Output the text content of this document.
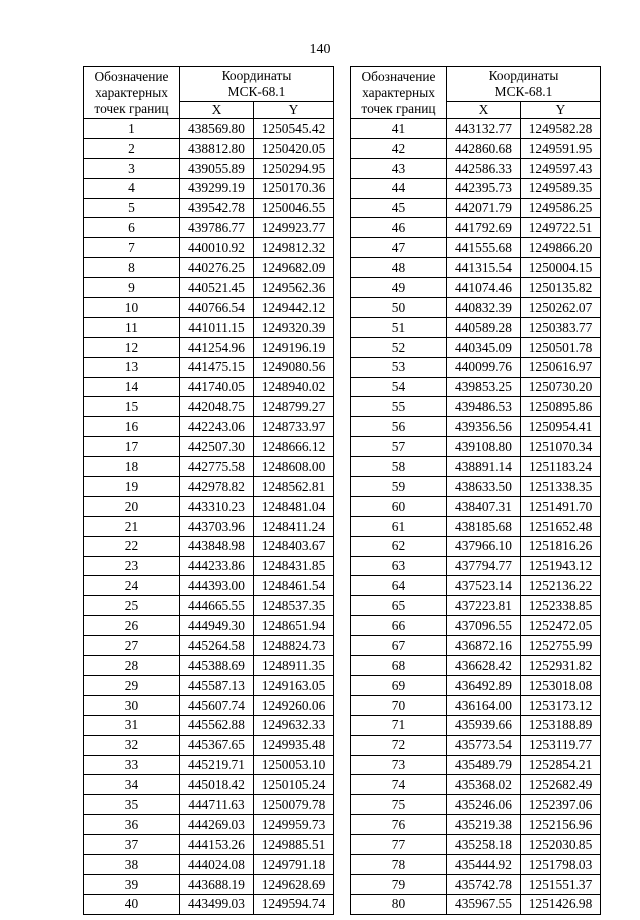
140
Обозначение
характерных
точек границ	Координаты
МСК-68.1	
	X	Y
1	438569.80	1250545.42
2	438812.80	1250420.05
3	439055.89	1250294.95
4	439299.19	1250170.36
5	439542.78	1250046.55
6	439786.77	1249923.77
7	440010.92	1249812.32
8	440276.25	1249682.09
9	440521.45	1249562.36
10	440766.54	1249442.12
11	441011.15	1249320.39
12	441254.96	1249196.19
13	441475.15	1249080.56
14	441740.05	1248940.02
15	442048.75	1248799.27
16	442243.06	1248733.97
17	442507.30	1248666.12
18	442775.58	1248608.00
19	442978.82	1248562.81
20	443310.23	1248481.04
21	443703.96	1248411.24
22	443848.98	1248403.67
23	444233.86	1248431.85
24	444393.00	1248461.54
25	444665.55	1248537.35
26	444949.30	1248651.94
27	445264.58	1248824.73
28	445388.69	1248911.35
29	445587.13	1249163.05
30	445607.74	1249260.06
31	445562.88	1249632.33
32	445367.65	1249935.48
33	445219.71	1250053.10
34	445018.42	1250105.24
35	444711.63	1250079.78
36	444269.03	1249959.73
37	444153.26	1249885.51
38	444024.08	1249791.18
39	443688.19	1249628.69
40	443499.03	1249594.74
Обозначение
характерных
точек границ	Координаты
МСК-68.1	
	X	Y
41	443132.77	1249582.28
42	442860.68	1249591.95
43	442586.33	1249597.43
44	442395.73	1249589.35
45	442071.79	1249586.25
46	441792.69	1249722.51
47	441555.68	1249866.20
48	441315.54	1250004.15
49	441074.46	1250135.82
50	440832.39	1250262.07
51	440589.28	1250383.77
52	440345.09	1250501.78
53	440099.76	1250616.97
54	439853.25	1250730.20
55	439486.53	1250895.86
56	439356.56	1250954.41
57	439108.80	1251070.34
58	438891.14	1251183.24
59	438633.50	1251338.35
60	438407.31	1251491.70
61	438185.68	1251652.48
62	437966.10	1251816.26
63	437794.77	1251943.12
64	437523.14	1252136.22
65	437223.81	1252338.85
66	437096.55	1252472.05
67	436872.16	1252755.99
68	436628.42	1252931.82
69	436492.89	1253018.08
70	436164.00	1253173.12
71	435939.66	1253188.89
72	435773.54	1253119.77
73	435489.79	1252854.21
74	435368.02	1252682.49
75	435246.06	1252397.06
76	435219.38	1252156.96
77	435258.18	1252030.85
78	435444.92	1251798.03
79	435742.78	1251551.37
80	435967.55	1251426.98
